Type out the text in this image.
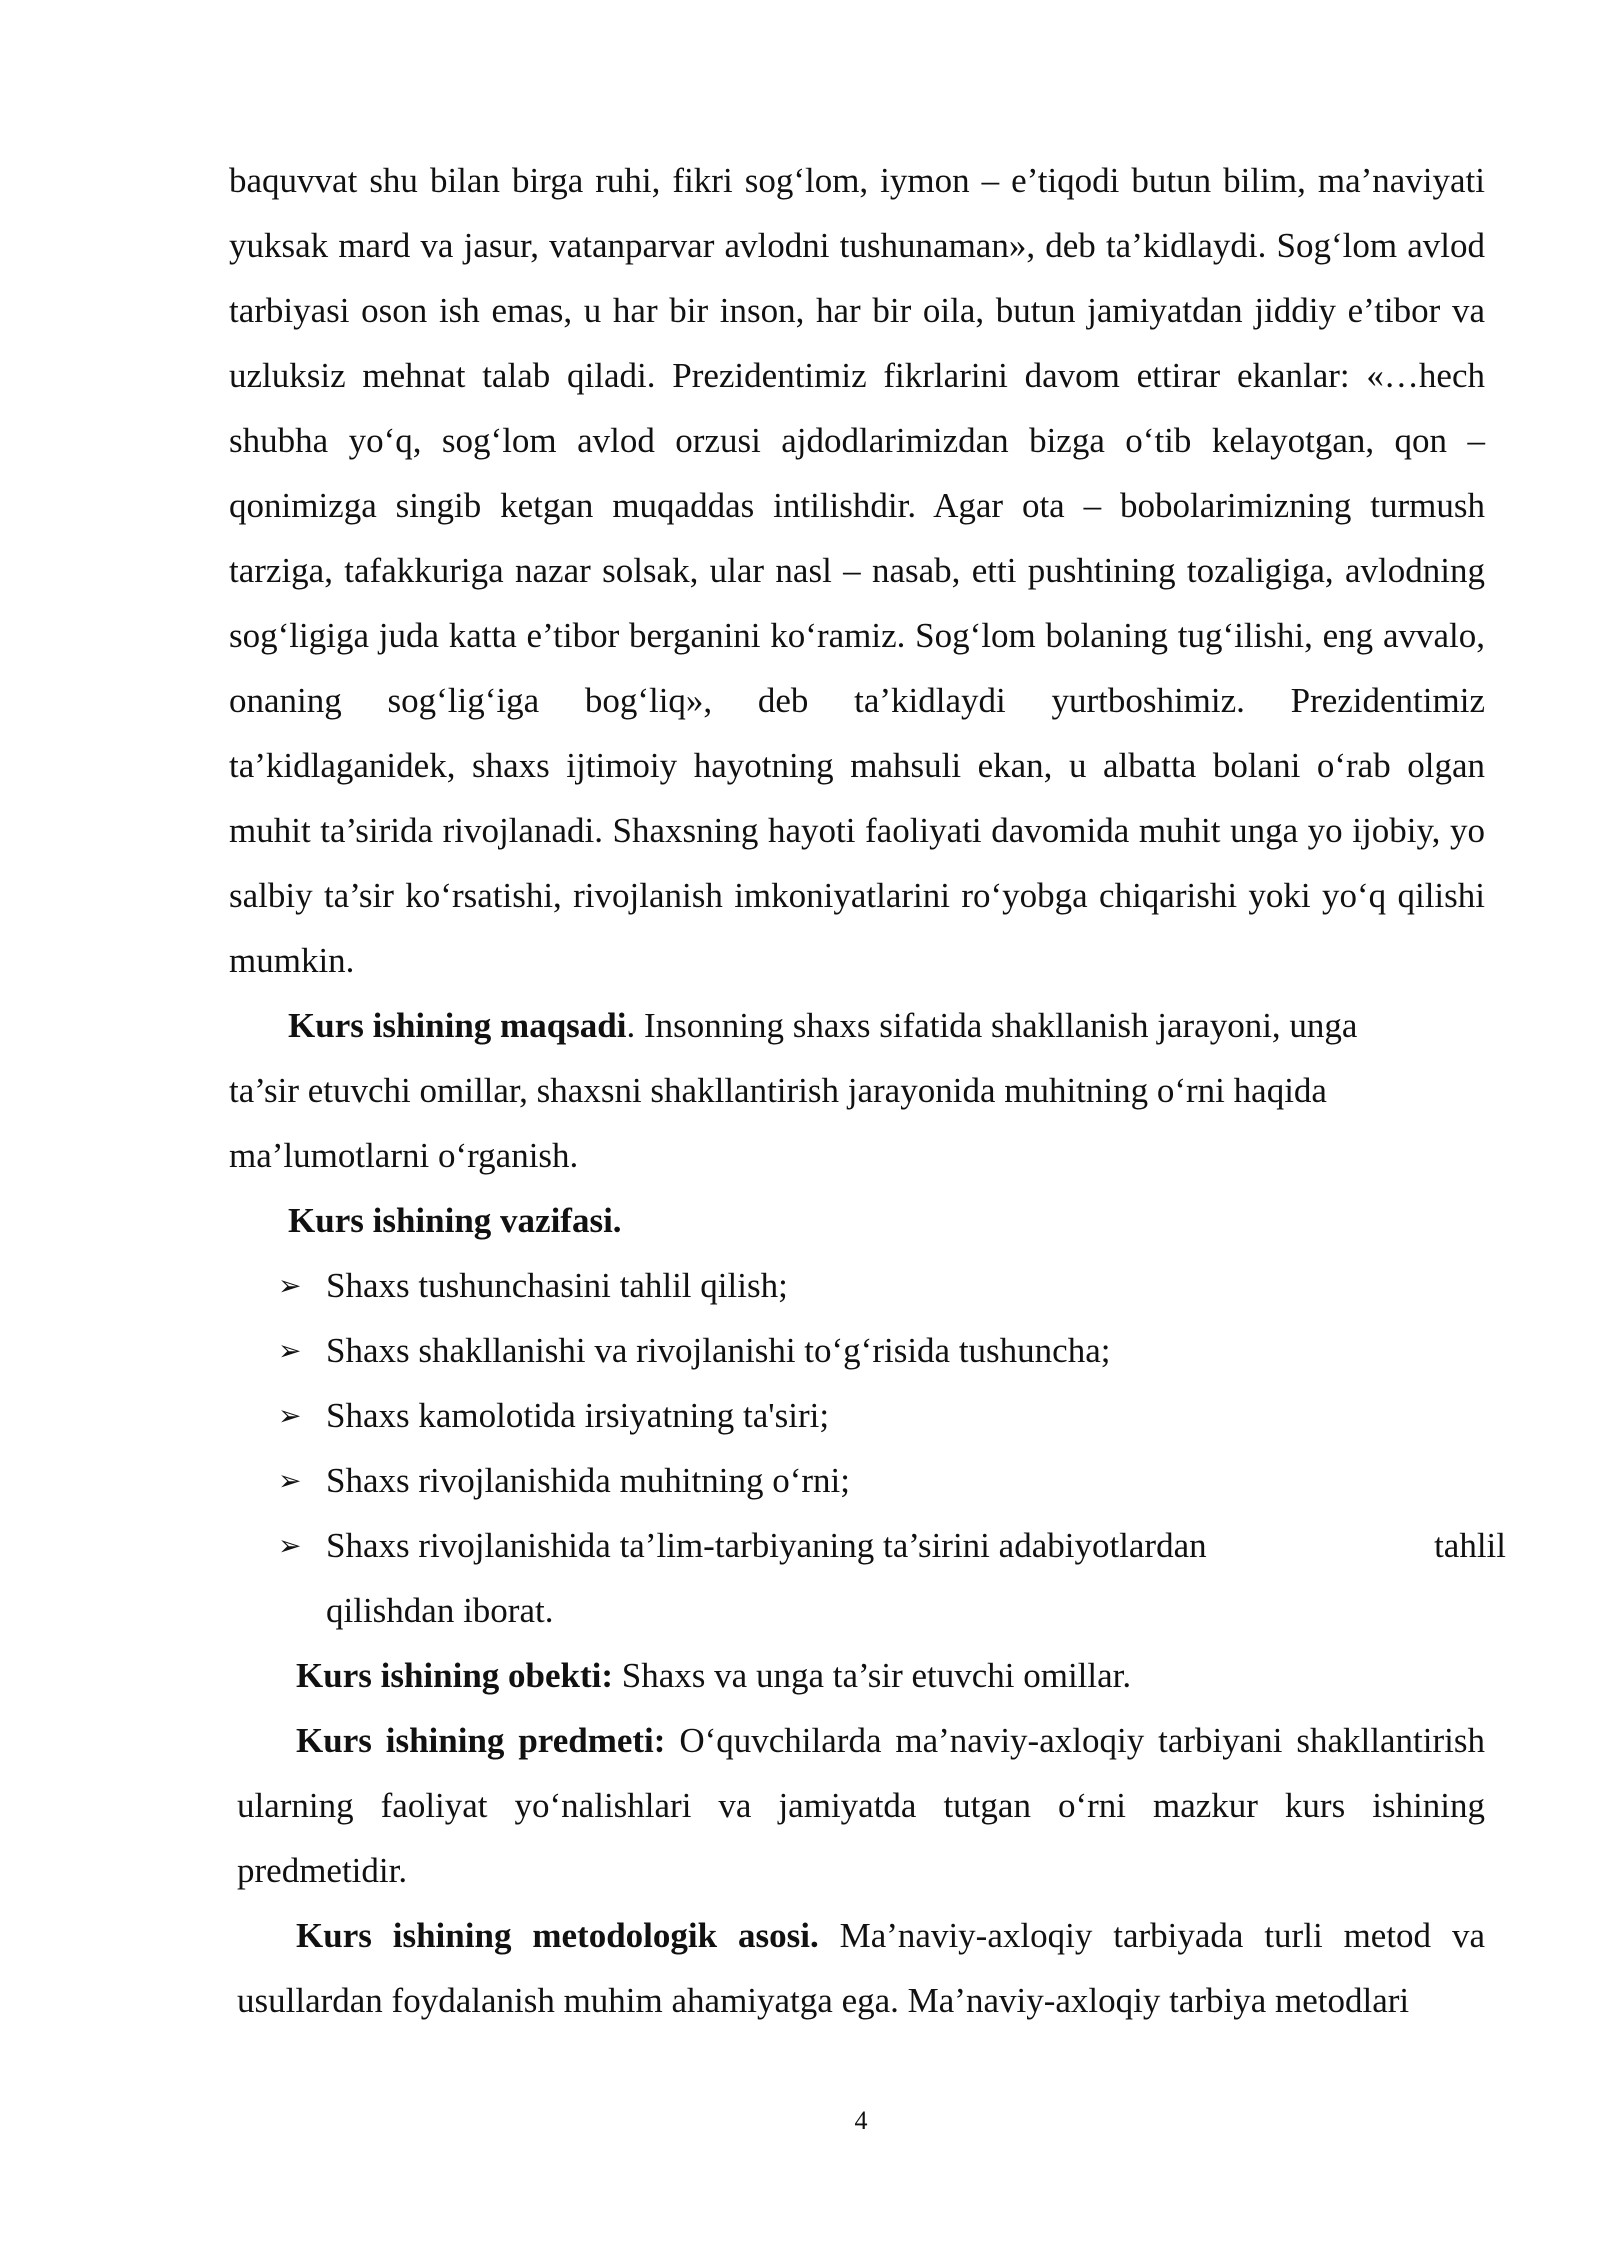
baquvvat shu bilan birga ruhi, fikri sog‘lom, iymon – e’tiqodi butun bilim, ma’naviyati yuksak mard va jasur, vatanparvar avlodni tushunaman», deb ta’kidlaydi. Sog‘lom avlod tarbiyasi oson ish emas, u har bir inson, har bir oila, butun jamiyatdan jiddiy e’tibor va uzluksiz mehnat talab qiladi. Prezidentimiz fikrlarini davom ettirar ekanlar: «…hech shubha yo‘q, sog‘lom avlod orzusi ajdodlarimizdan bizga o‘tib kelayotgan, qon – qonimizga singib ketgan muqaddas intilishdir. Agar ota – bobolarimizning turmush tarziga, tafakkuriga nazar solsak, ular nasl – nasab, etti pushtining tozaligiga, avlodning sog‘ligiga juda katta e’tibor berganini ko‘ramiz. Sog‘lom bolaning tug‘ilishi, eng avvalo, onaning sog‘lig‘iga bog‘liq», deb ta’kidlaydi yurtboshimiz. Prezidentimiz ta’kidlaganidek, shaxs ijtimoiy hayotning mahsuli ekan, u albatta bolani o‘rab olgan muhit ta’sirida rivojlanadi. Shaxsning hayoti faoliyati davomida muhit unga yo ijobiy, yo salbiy ta’sir ko‘rsatishi, rivojlanish imkoniyatlarini ro‘yobga chiqarishi yoki yo‘q qilishi mumkin.

Kurs ishining maqsadi. Insonning shaxs sifatida shakllanish jarayoni, unga ta’sir etuvchi omillar, shaxsni shakllantirish jarayonida muhitning o‘rni haqida ma’lumotlarni o‘rganish.

Kurs ishining vazifasi.

➢ Shaxs tushunchasini tahlil qilish;
➢ Shaxs shakllanishi va rivojlanishi to‘g‘risida tushuncha;
➢ Shaxs kamolotida irsiyatning ta'siri;
➢ Shaxs rivojlanishida muhitning o‘rni;
➢ Shaxs rivojlanishida ta’lim-tarbiyaning ta’sirini adabiyotlardan	tahlil
qilishdan iborat.

Kurs ishining obekti: Shaxs va unga ta’sir etuvchi omillar.

Kurs ishining predmeti: O‘quvchilarda ma’naviy-axloqiy tarbiyani shakllantirish ularning faoliyat yo‘nalishlari va jamiyatda tutgan o‘rni mazkur kurs ishining predmetidir.

Kurs ishining metodologik asosi. Ma’naviy-axloqiy tarbiyada turli metod va usullardan foydalanish muhim ahamiyatga ega. Ma’naviy-axloqiy tarbiya metodlari

4
